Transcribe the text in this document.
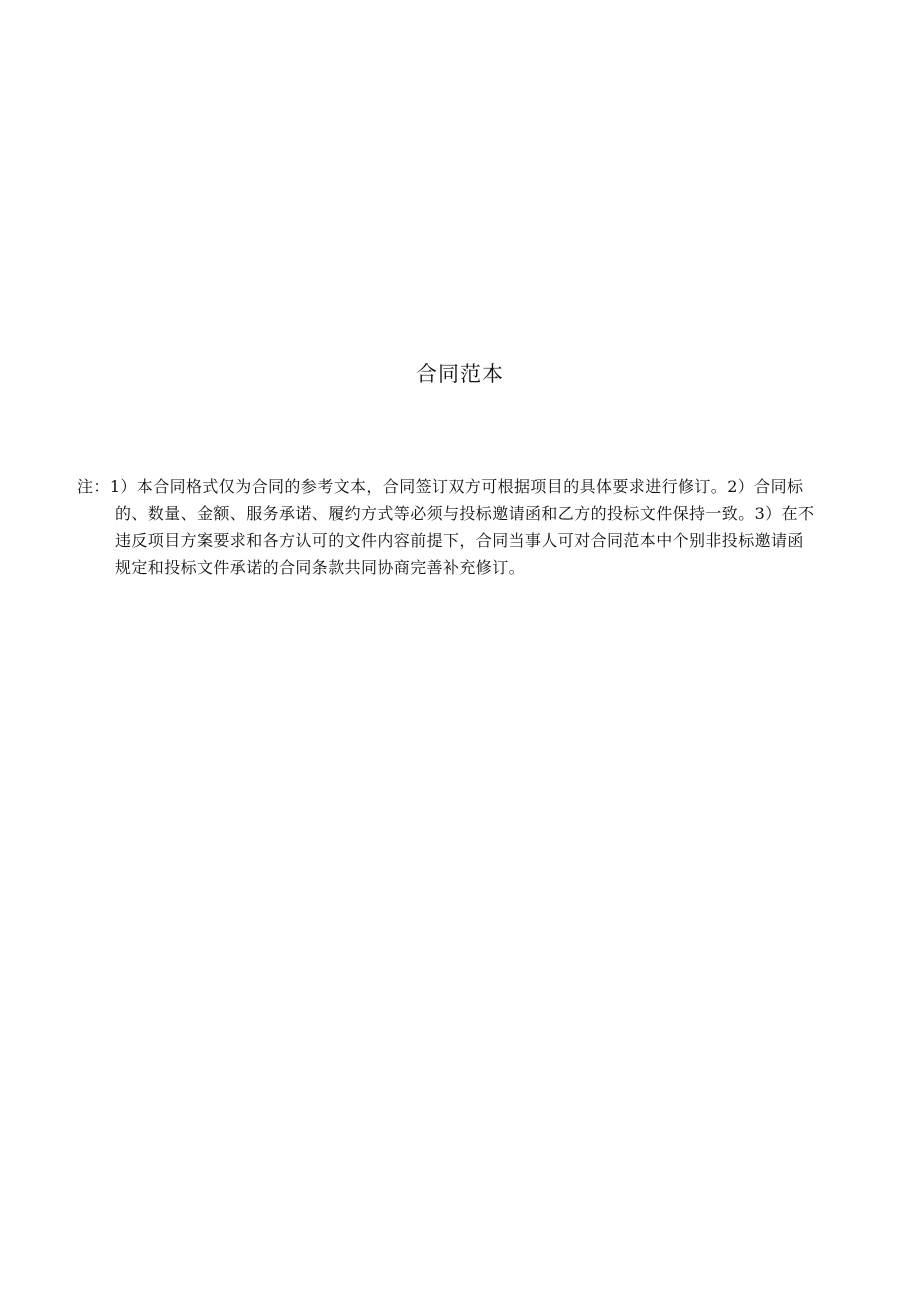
合同范本
注：1）本合同格式仅为合同的参考文本，合同签订双方可根据项目的具体要求进行修订。2）合同标
的、数量、金额、服务承诺、履约方式等必须与投标邀请函和乙方的投标文件保持一致。3）在不
违反项目方案要求和各方认可的文件内容前提下，合同当事人可对合同范本中个别非投标邀请函
规定和投标文件承诺的合同条款共同协商完善补充修订。
